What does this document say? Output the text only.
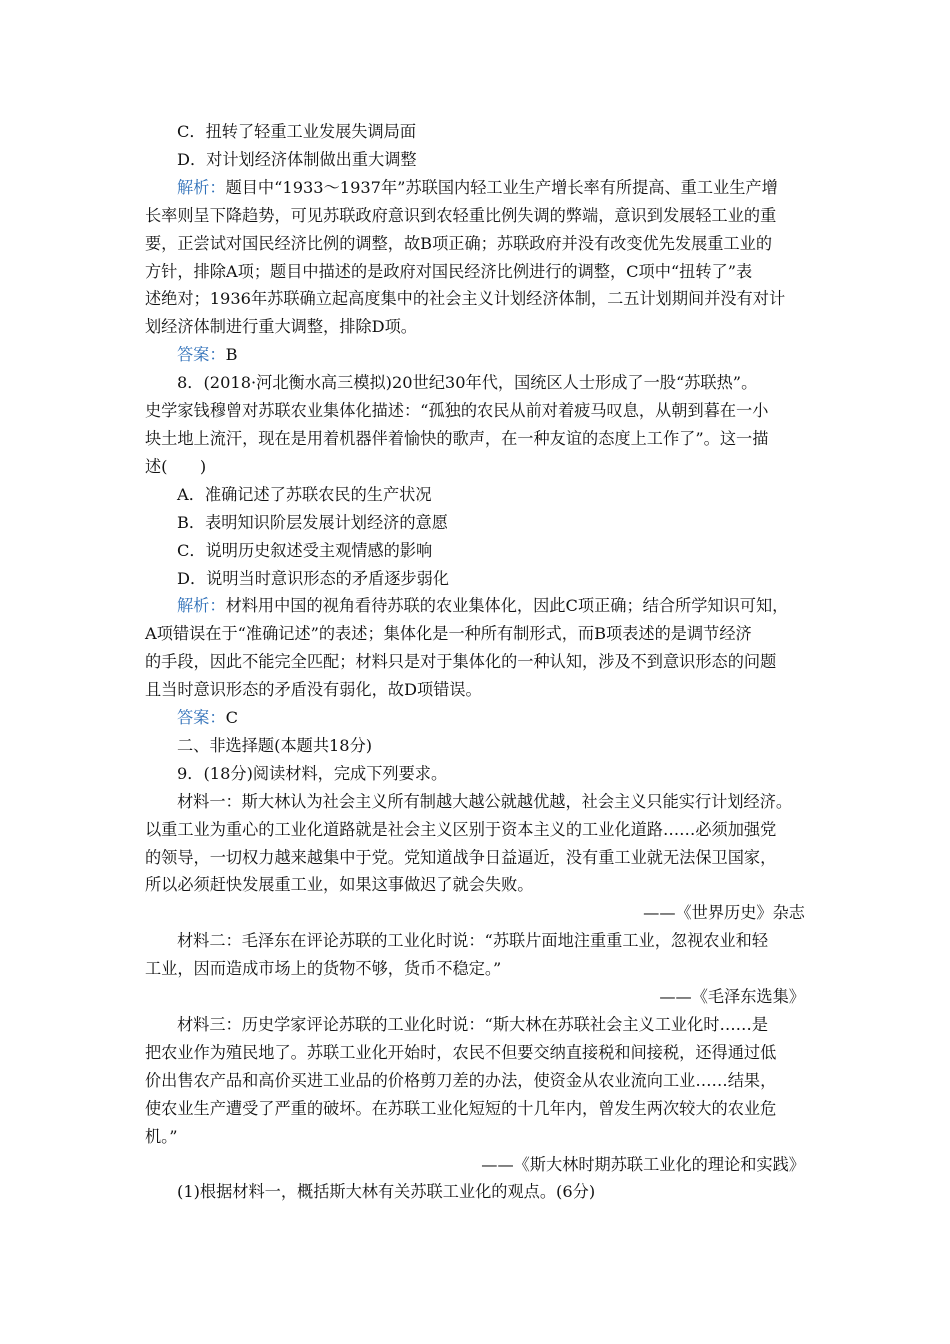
C．扭转了轻重工业发展失调局面
D．对计划经济体制做出重大调整
解析：题目中“1933～1937年”苏联国内轻工业生产增长率有所提高、重工业生产增
长率则呈下降趋势，可见苏联政府意识到农轻重比例失调的弊端，意识到发展轻工业的重
要，正尝试对国民经济比例的调整，故B项正确；苏联政府并没有改变优先发展重工业的
方针，排除A项；题目中描述的是政府对国民经济比例进行的调整，C项中“扭转了”表
述绝对；1936年苏联确立起高度集中的社会主义计划经济体制，二五计划期间并没有对计
划经济体制进行重大调整，排除D项。
答案：B
8．(2018·河北衡水高三模拟)20世纪30年代，国统区人士形成了一股“苏联热”。
史学家钱穆曾对苏联农业集体化描述：“孤独的农民从前对着疲马叹息，从朝到暮在一小
块土地上流汗，现在是用着机器伴着愉快的歌声，在一种友谊的态度上工作了”。这一描
述(　　)
A．准确记述了苏联农民的生产状况
B．表明知识阶层发展计划经济的意愿
C．说明历史叙述受主观情感的影响
D．说明当时意识形态的矛盾逐步弱化
解析：材料用中国的视角看待苏联的农业集体化，因此C项正确；结合所学知识可知，
A项错误在于“准确记述”的表述；集体化是一种所有制形式，而B项表述的是调节经济
的手段，因此不能完全匹配；材料只是对于集体化的一种认知，涉及不到意识形态的问题
且当时意识形态的矛盾没有弱化，故D项错误。
答案：C
二、非选择题(本题共18分)
9．(18分)阅读材料，完成下列要求。
材料一：斯大林认为社会主义所有制越大越公就越优越，社会主义只能实行计划经济。
以重工业为重心的工业化道路就是社会主义区别于资本主义的工业化道路……必须加强党
的领导，一切权力越来越集中于党。党知道战争日益逼近，没有重工业就无法保卫国家，
所以必须赶快发展重工业，如果这事做迟了就会失败。
——《世界历史》杂志
材料二：毛泽东在评论苏联的工业化时说：“苏联片面地注重重工业，忽视农业和轻
工业，因而造成市场上的货物不够，货币不稳定。”
——《毛泽东选集》
材料三：历史学家评论苏联的工业化时说：“斯大林在苏联社会主义工业化时……是
把农业作为殖民地了。苏联工业化开始时，农民不但要交纳直接税和间接税，还得通过低
价出售农产品和高价买进工业品的价格剪刀差的办法，使资金从农业流向工业……结果，
使农业生产遭受了严重的破坏。在苏联工业化短短的十几年内，曾发生两次较大的农业危
机。”
——《斯大林时期苏联工业化的理论和实践》
(1)根据材料一，概括斯大林有关苏联工业化的观点。(6分)
